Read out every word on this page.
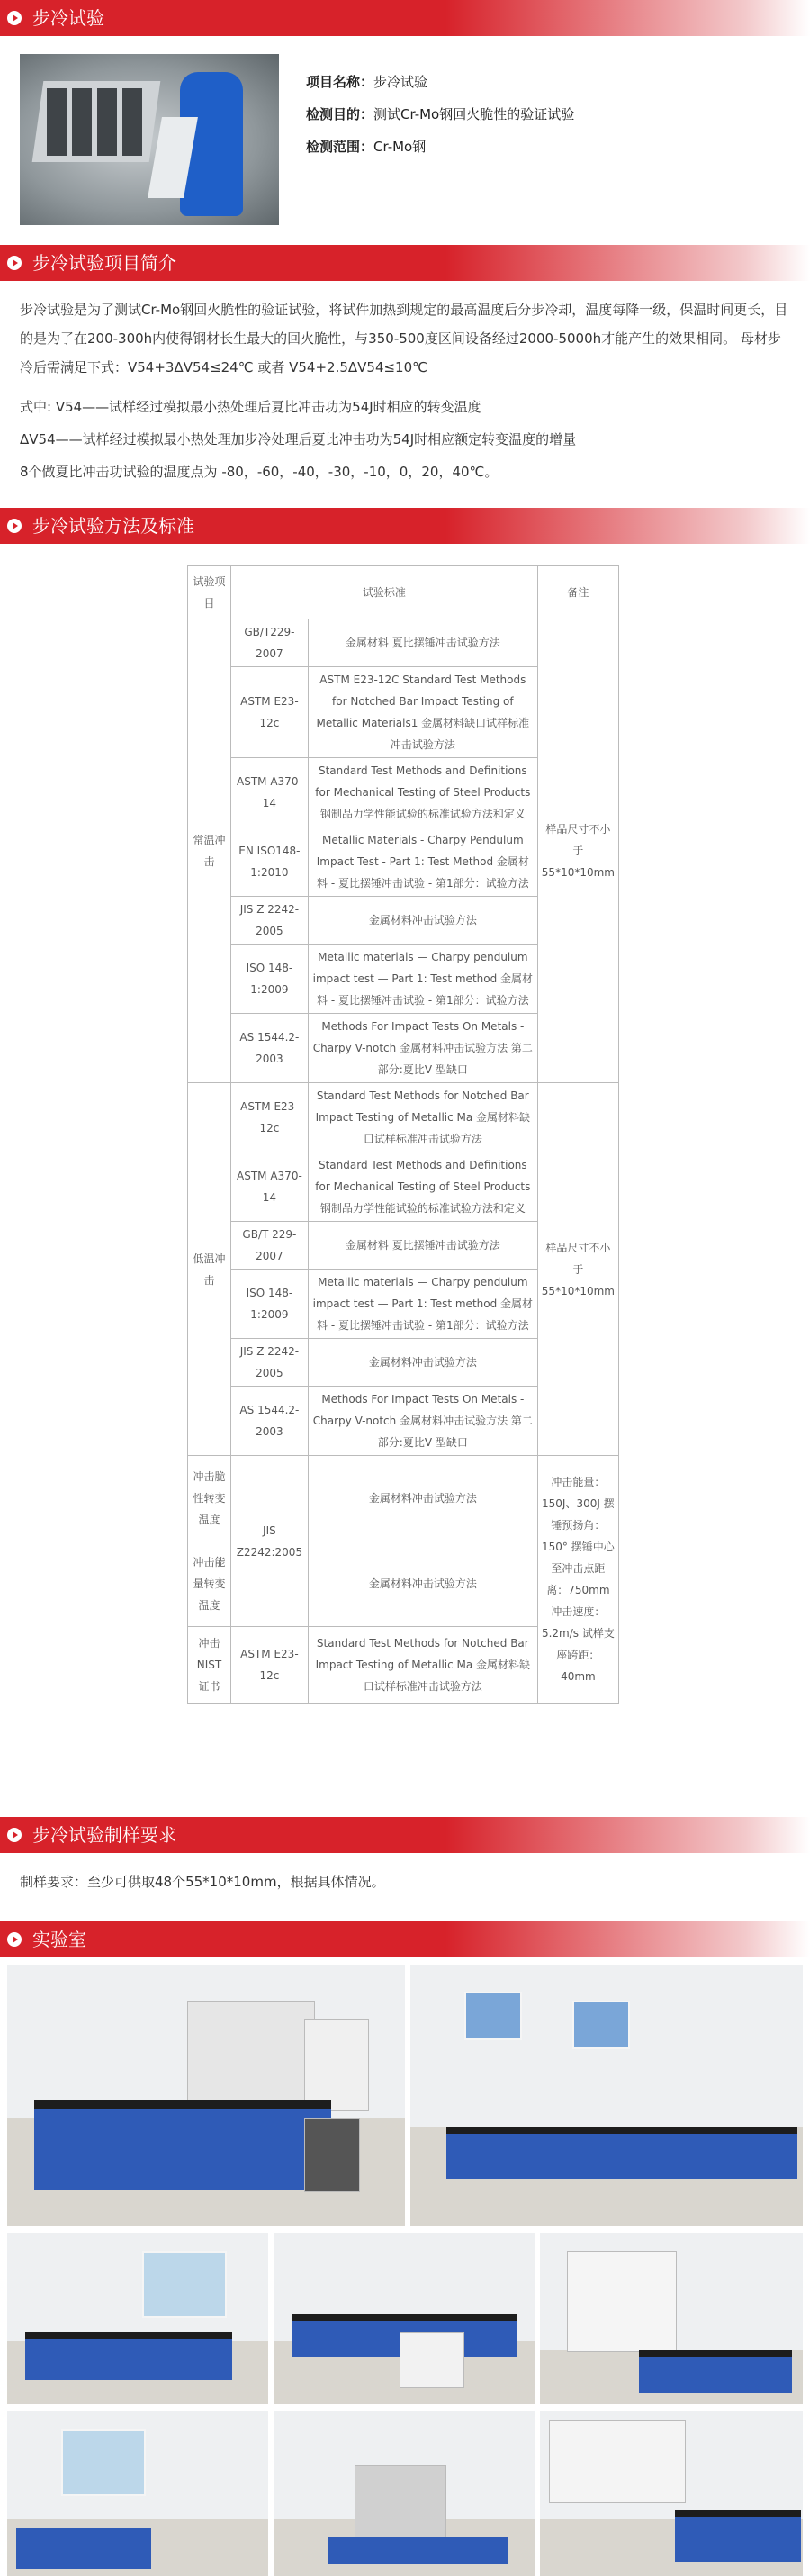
步冷试验
项目名称：步冷试验
检测目的：测试Cr-Mo钢回火脆性的验证试验
检测范围：Cr-Mo钢
步冷试验项目简介
步冷试验是为了测试Cr-Mo钢回火脆性的验证试验，将试件加热到规定的最高温度后分步冷却，温度每降一级，保温时间更长，目的是为了在200-300h内使得钢材长生最大的回火脆性，与350-500度区间设备经过2000-5000h才能产生的效果相同。 母材步冷后需满足下式：V54+3ΔV54≤24℃ 或者 V54+2.5ΔV54≤10℃
式中: V54——试样经过模拟最小热处理后夏比冲击功为54J时相应的转变温度
ΔV54——试样经过模拟最小热处理加步冷处理后夏比冲击功为54J时相应额定转变温度的增量
8个做夏比冲击功试验的温度点为 -80，-60，-40，-30，-10，0，20，40℃。
步冷试验方法及标准
试验项目	试验标准		备注
常温冲击	GB/T229-2007	金属材料 夏比摆锤冲击试验方法	样品尺寸不小于55*10*10mm
	ASTM E23-12c	ASTM E23-12C Standard Test Methods for Notched Bar Impact Testing of Metallic Materials1 金属材料缺口试样标准冲击试验方法	
	ASTM A370-14	Standard Test Methods and Definitions for Mechanical Testing of Steel Products 钢制品力学性能试验的标准试验方法和定义	
	EN ISO148-1:2010	Metallic Materials - Charpy Pendulum Impact Test - Part 1: Test Method 金属材料 - 夏比摆锤冲击试验 - 第1部分：试验方法	
	JIS Z 2242-2005	金属材料冲击试验方法	
	ISO 148-1:2009	Metallic materials — Charpy pendulum impact test — Part 1: Test method 金属材料 - 夏比摆锤冲击试验 - 第1部分：试验方法	
	AS 1544.2-2003	Methods For Impact Tests On Metals - Charpy V-notch 金属材料冲击试验方法 第二部分:夏比V 型缺口	
低温冲击	ASTM E23-12c	Standard Test Methods for Notched Bar Impact Testing of Metallic Ma 金属材料缺口试样标准冲击试验方法	样品尺寸不小于55*10*10mm
	ASTM A370-14	Standard Test Methods and Definitions for Mechanical Testing of Steel Products 钢制品力学性能试验的标准试验方法和定义	
	GB/T 229-2007	金属材料 夏比摆锤冲击试验方法	
	ISO 148-1:2009	Metallic materials — Charpy pendulum impact test — Part 1: Test method 金属材料 - 夏比摆锤冲击试验 - 第1部分：试验方法	
	JIS Z 2242-2005	金属材料冲击试验方法	
	AS 1544.2-2003	Methods For Impact Tests On Metals - Charpy V-notch 金属材料冲击试验方法 第二部分:夏比V 型缺口	
冲击脆性转变温度	JIS Z2242:2005	金属材料冲击试验方法	冲击能量：150J、300J 摆锤预扬角：150° 摆锤中心至冲击点距离：750mm 冲击速度：5.2m/s 试样支座跨距：40mm
冲击能量转变温度		金属材料冲击试验方法	
冲击NIST 证书	ASTM E23-12c	Standard Test Methods for Notched Bar Impact Testing of Metallic Ma 金属材料缺口试样标准冲击试验方法	
步冷试验制样要求
制样要求：至少可供取48个55*10*10mm，根据具体情况。
实验室
